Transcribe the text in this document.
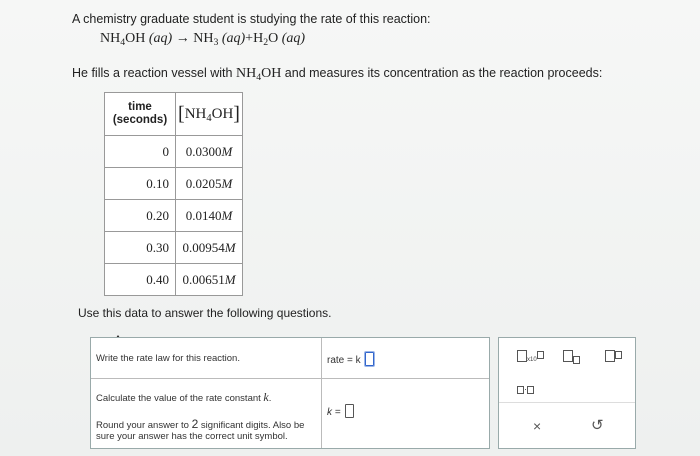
A chemistry graduate student is studying the rate of this reaction:
$NH_4OH$ $(aq) \to NH_3$ $(aq)+H_2O$ (aq)
He fills a reaction vessel with $NH_4OH$ and measures its concentration as the reaction proceeds:
time
(seconds)	$[NH_4OH]$
0	0.0300M
0.10	0.0205M
0.20	0.0140M
0.30	0.00954M
0.40	0.00651M
Use this data to answer the following questions.
Write the rate law for this reaction.	rate = k
Calculate the value of the rate constant k.
Round your answer to 2 significant digits. Also be
sure your answer has the correct unit symbol.
k =
x10
·
×	↺
